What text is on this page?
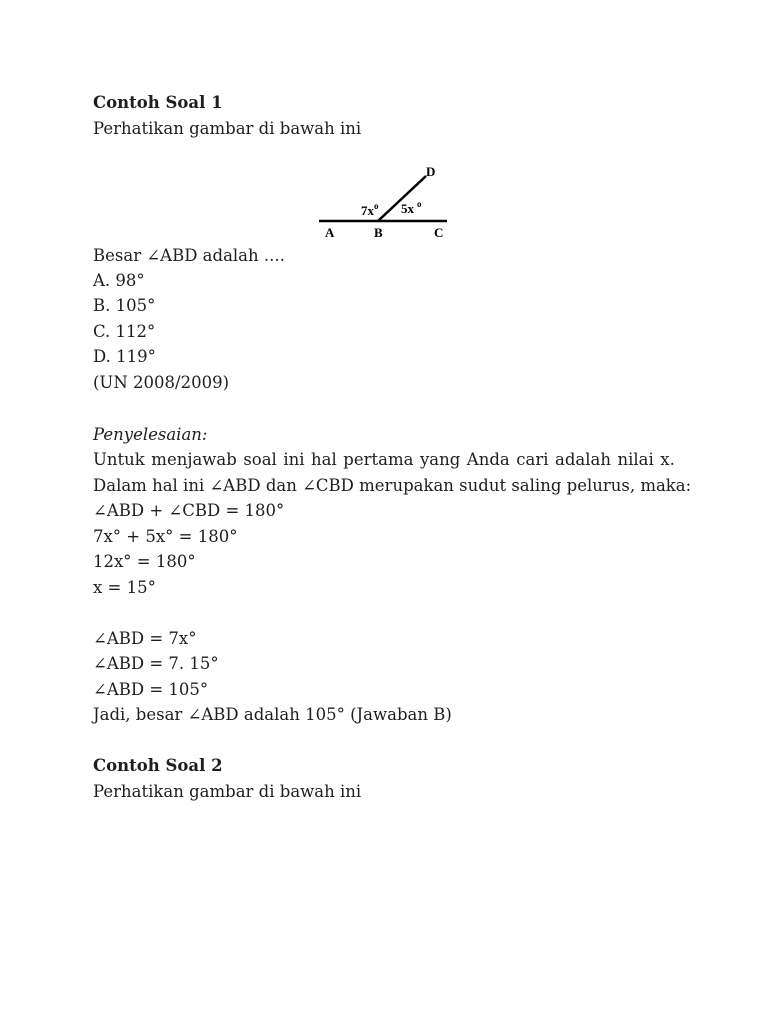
Contoh Soal 1
Perhatikan gambar di bawah ini
D
$7x^o$ 5x $^o$
A	B	C
Besar ∠ABD adalah ....
A. 98°
B. 105°
C. 112°
D. 119°
(UN 2008/2009)
Penyelesaian:
Untuk menjawab soal ini hal pertama yang Anda cari adalah nilai x.
Dalam hal ini ∠ABD dan ∠CBD merupakan sudut saling pelurus, maka:
∠ABD + ∠CBD = 180°
7x° + 5x° = 180°
12x° = 180°
x = 15°
∠ABD = 7x°
∠ABD = 7. 15°
∠ABD = 105°
Jadi, besar ∠ABD adalah 105° (Jawaban B)
Contoh Soal 2
Perhatikan gambar di bawah ini
